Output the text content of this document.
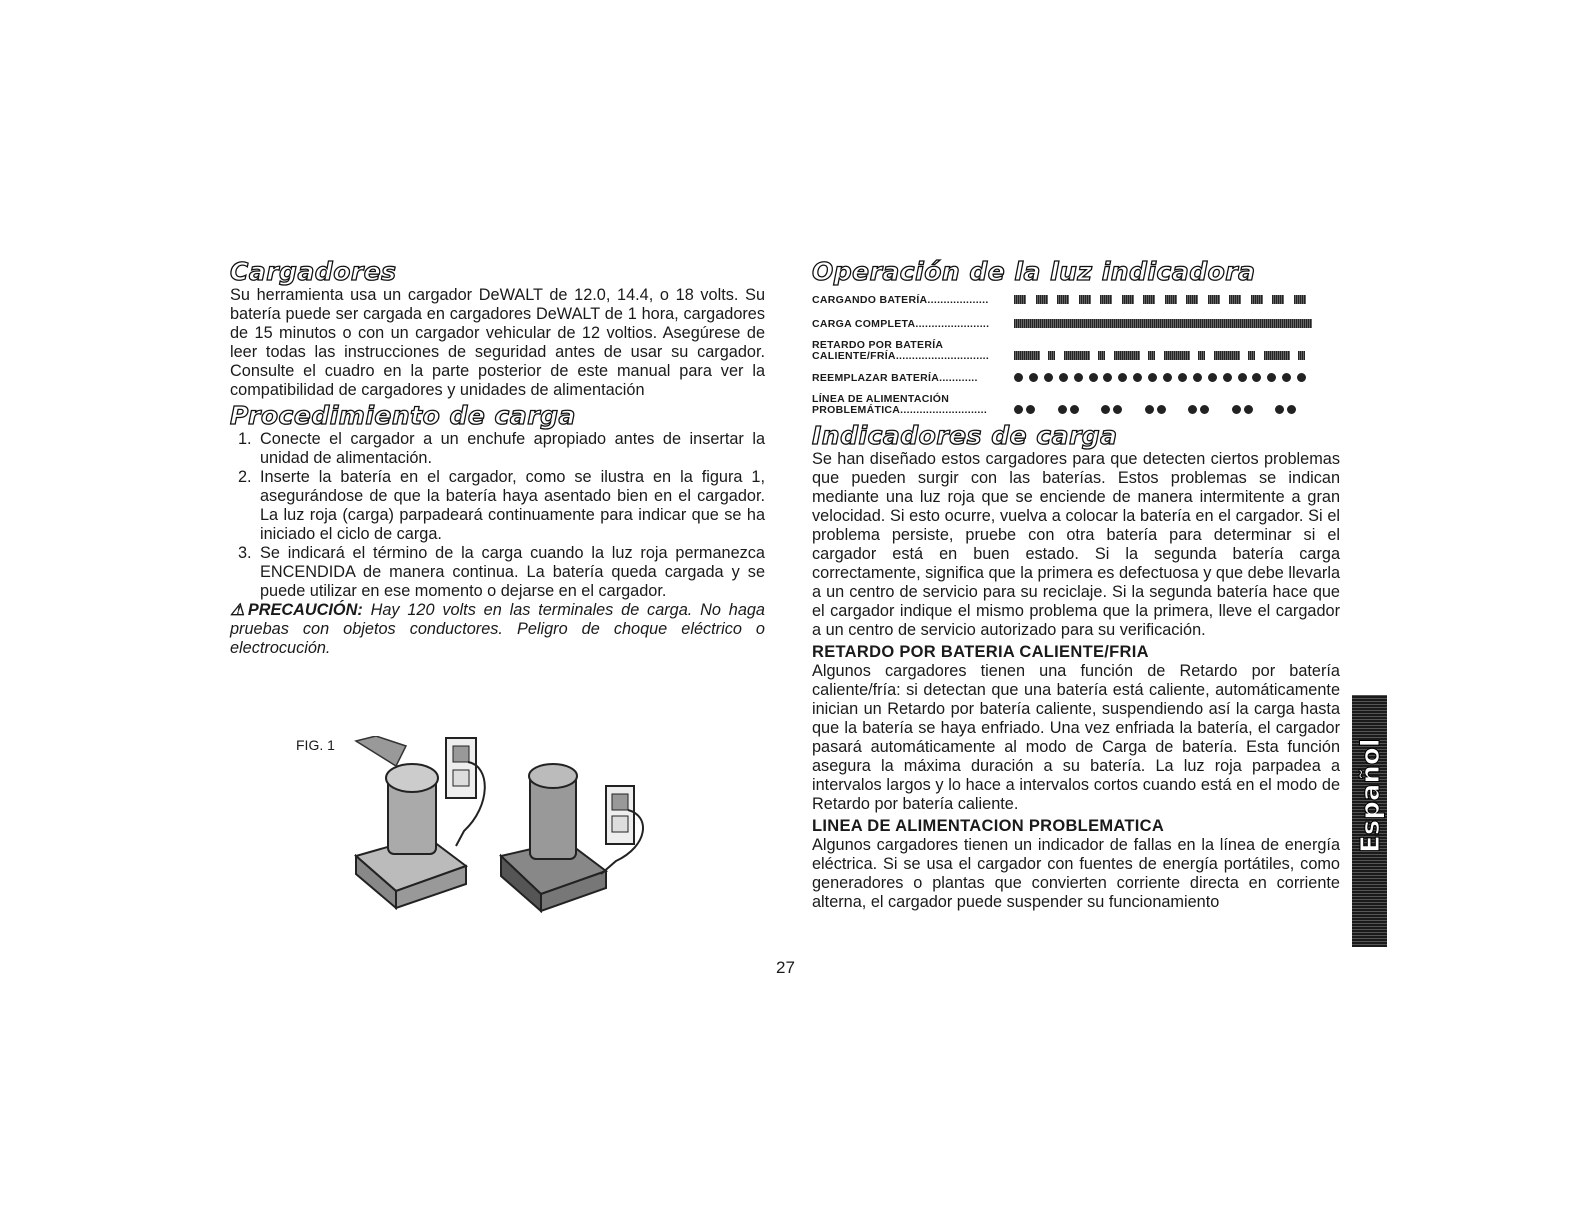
Cargadores

Su herramienta usa un cargador DeWALT de 12.0, 14.4, o 18 volts. Su batería puede ser cargada en cargadores DeWALT de 1 hora, cargadores de 15 minutos o con un cargador vehicular de 12 voltios. Asegúrese de leer todas las instrucciones de seguridad antes de usar su cargador. Consulte el cuadro en la parte posterior de este manual para ver la compatibilidad de cargadores y unidades de alimentación

Procedimiento de carga
1. Conecte el cargador a un enchufe apropiado antes de insertar la unidad de alimentación.
2. Inserte la batería en el cargador, como se ilustra en la figura 1, asegurándose de que la batería haya asentado bien en el cargador. La luz roja (carga) parpadeará continuamente para indicar que se ha iniciado el ciclo de carga.
3. Se indicará el término de la carga cuando la luz roja permanezca ENCENDIDA de manera continua. La batería queda cargada y se puede utilizar en ese momento o dejarse en el cargador.

⚠PRECAUCIÓN: Hay 120 volts en las terminales de carga. No haga pruebas con objetos conductores. Peligro de choque eléctrico o electrocución.

FIG. 1
Operación de la luz indicadora
CARGANDO BATERÍA...................
CARGA COMPLETA.......................
RETARDO POR BATERÍA CALIENTE/FRÍA.............................
REEMPLAZAR BATERÍA............
LÍNEA DE ALIMENTACIÓN PROBLEMÁTICA...........................
Indicadores de carga

Se han diseñado estos cargadores para que detecten ciertos problemas que pueden surgir con las baterías. Estos problemas se indican mediante una luz roja que se enciende de manera intermitente a gran velocidad. Si esto ocurre, vuelva a colocar la batería en el cargador. Si el problema persiste, pruebe con otra batería para determinar si el cargador está en buen estado. Si la segunda batería carga correctamente, significa que la primera es defectuosa y que debe llevarla a un centro de servicio para su reciclaje. Si la segunda batería hace que el cargador indique el mismo problema que la primera, lleve el cargador a un centro de servicio autorizado para su verificación.

RETARDO POR BATERIA CALIENTE/FRIA

Algunos cargadores tienen una función de Retardo por batería caliente/fría: si detectan que una batería está caliente, automáticamente inician un Retardo por batería caliente, suspendiendo así la carga hasta que la batería se haya enfriado. Una vez enfriada la batería, el cargador pasará automáticamente al modo de Carga de batería. Esta función asegura la máxima duración a su batería. La luz roja parpadea a intervalos largos y lo hace a intervalos cortos cuando está en el modo de Retardo por batería caliente.

LINEA DE ALIMENTACION PROBLEMATICA

Algunos cargadores tienen un indicador de fallas en la línea de energía eléctrica. Si se usa el cargador con fuentes de energía portátiles, como generadores o plantas que convierten corriente directa en corriente alterna, el cargador puede suspender su funcionamiento

Español
27
